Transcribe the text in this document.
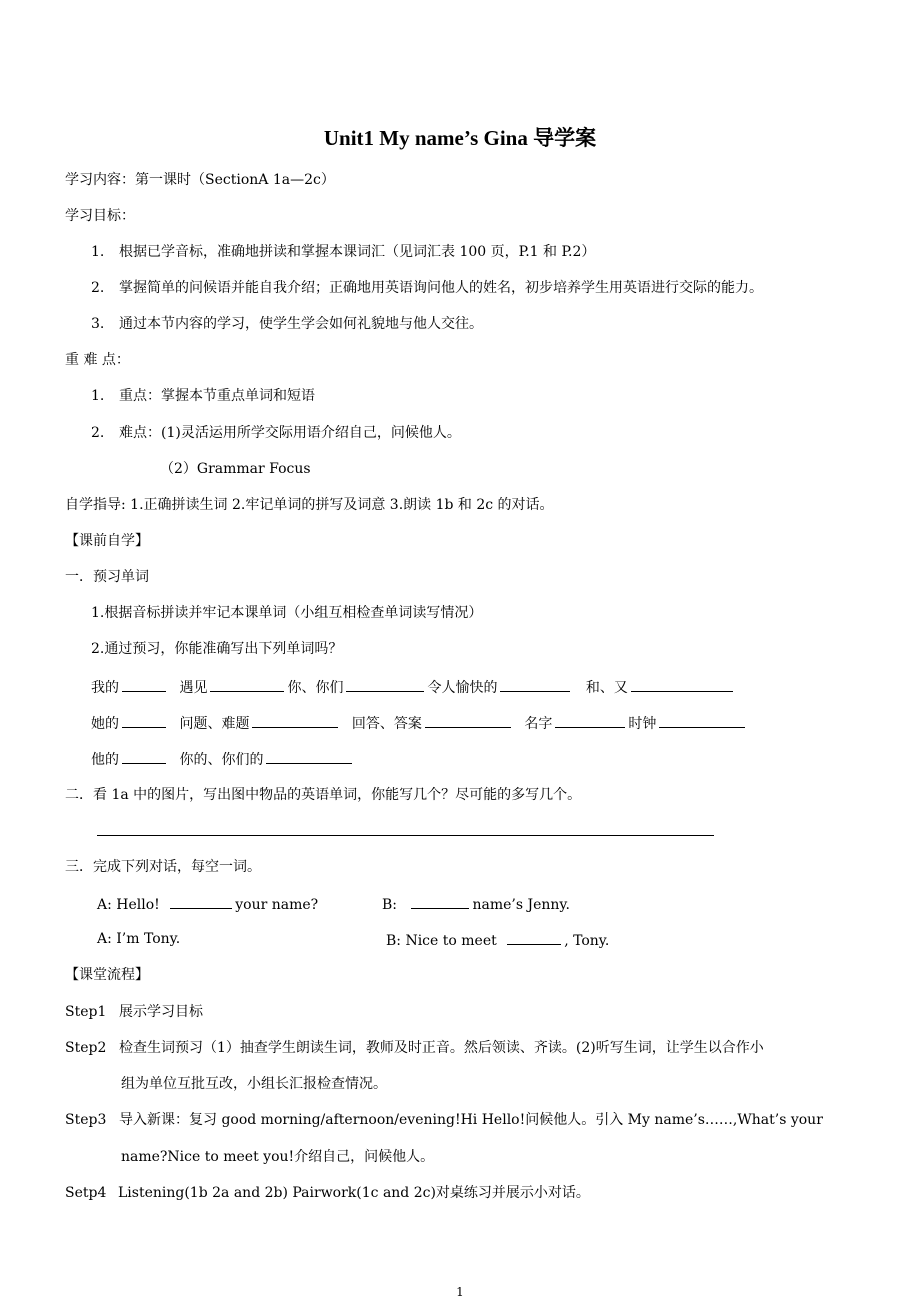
Unit1 My name’s Gina 导学案
学习内容：第一课时（SectionA 1a—2c）
学习目标：
1. 根据已学音标，准确地拼读和掌握本课词汇（见词汇表 100 页，P.1 和 P.2）
2. 掌握简单的问候语并能自我介绍；正确地用英语询问他人的姓名，初步培养学生用英语进行交际的能力。
3. 通过本节内容的学习，使学生学会如何礼貌地与他人交往。
重 难 点：
1. 重点：掌握本节重点单词和短语
2. 难点：(1)灵活运用所学交际用语介绍自己，问候他人。
（2）Grammar Focus
自学指导: 1.正确拼读生词 2.牢记单词的拼写及词意 3.朗读 1b 和 2c 的对话。
【课前自学】
一．预习单词
1.根据音标拼读并牢记本课单词（小组互相检查单词读写情况）
2.通过预习，你能准确写出下列单词吗？
我的	遇见	你、你们	令人愉快的	和、又
她的	问题、难题	回答、答案	名字	时钟
他的	你的、你们的
二．看 1a 中的图片，写出图中物品的英语单词，你能写几个？尽可能的多写几个。
三．完成下列对话，每空一词。
A: Hello!	your name?	B:	name’s Jenny.
A: I’m Tony.	B: Nice to meet	, Tony.
【课堂流程】
Step1 展示学习目标
Step2 检查生词预习（1）抽查学生朗读生词，教师及时正音。然后领读、齐读。(2)听写生词，让学生以合作小
组为单位互批互改，小组长汇报检查情况。
Step3 导入新课：复习 good morning/afternoon/evening!Hi Hello!问候他人。引入 My name’s……,What’s your
name?Nice to meet you!介绍自己，问候他人。
Setp4 Listening(1b 2a and 2b) Pairwork(1c and 2c)对桌练习并展示小对话。
1
